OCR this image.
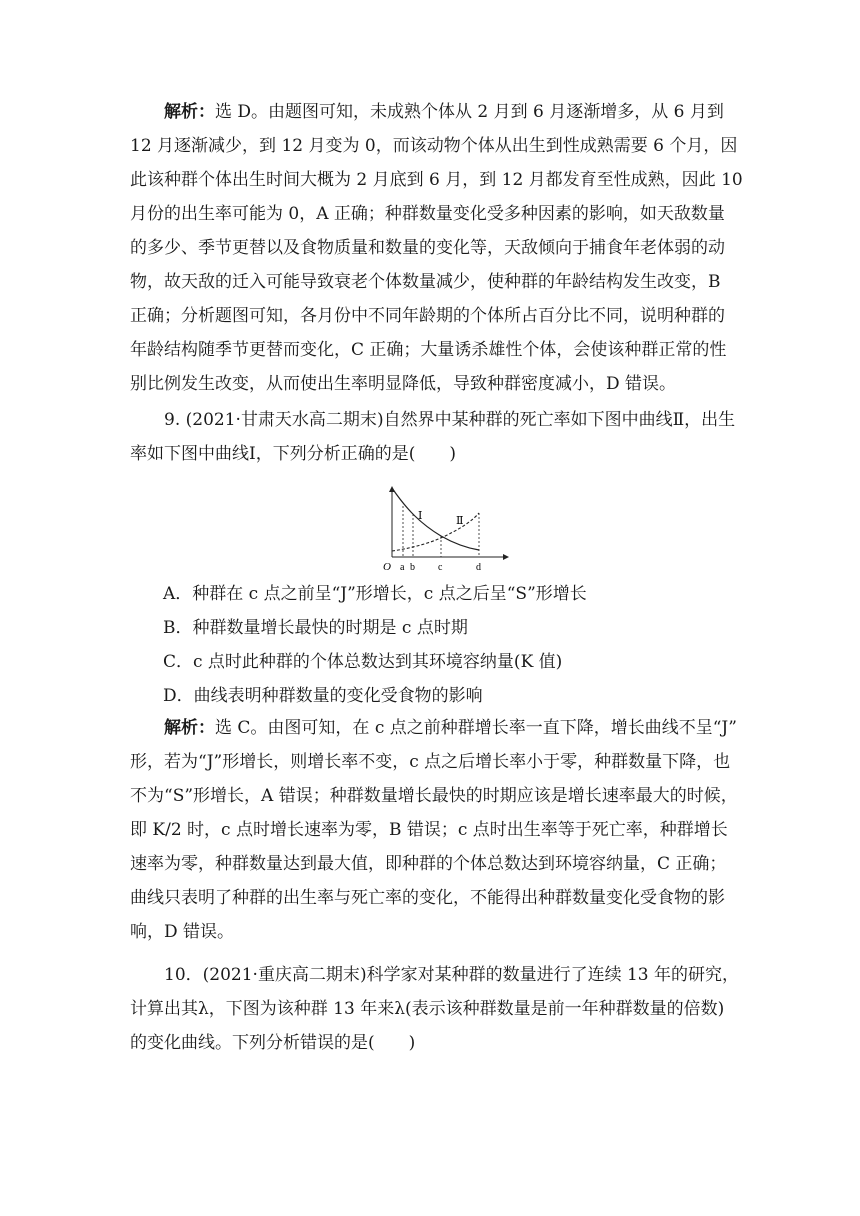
解析：选 D。由题图可知，未成熟个体从 2 月到 6 月逐渐增多，从 6 月到
12 月逐渐减少，到 12 月变为 0，而该动物个体从出生到性成熟需要 6 个月，因
此该种群个体出生时间大概为 2 月底到 6 月，到 12 月都发育至性成熟，因此 10
月份的出生率可能为 0，A 正确；种群数量变化受多种因素的影响，如天敌数量
的多少、季节更替以及食物质量和数量的变化等，天敌倾向于捕食年老体弱的动
物，故天敌的迁入可能导致衰老个体数量减少，使种群的年龄结构发生改变，B
正确；分析题图可知，各月份中不同年龄期的个体所占百分比不同，说明种群的
年龄结构随季节更替而变化，C 正确；大量诱杀雄性个体，会使该种群正常的性
别比例发生改变，从而使出生率明显降低，导致种群密度减小，D 错误。
9. (2021·甘肃天水高二期末)自然界中某种群的死亡率如下图中曲线Ⅱ，出生
率如下图中曲线Ⅰ，下列分析正确的是(　　)
Ⅰ	Ⅱ
O a b c	d
A．种群在 c 点之前呈“J”形增长，c 点之后呈“S”形增长
B．种群数量增长最快的时期是 c 点时期
C．c 点时此种群的个体总数达到其环境容纳量(K 值)
D．曲线表明种群数量的变化受食物的影响
解析：选 C。由图可知，在 c 点之前种群增长率一直下降，增长曲线不呈“J”
形，若为“J”形增长，则增长率不变，c 点之后增长率小于零，种群数量下降，也
不为“S”形增长，A 错误；种群数量增长最快的时期应该是增长速率最大的时候，
即 K/2 时，c 点时增长速率为零，B 错误；c 点时出生率等于死亡率，种群增长
速率为零，种群数量达到最大值，即种群的个体总数达到环境容纳量，C 正确；
曲线只表明了种群的出生率与死亡率的变化，不能得出种群数量变化受食物的影
响，D 错误。
10．(2021·重庆高二期末)科学家对某种群的数量进行了连续 13 年的研究，
计算出其λ，下图为该种群 13 年来λ(表示该种群数量是前一年种群数量的倍数)
的变化曲线。下列分析错误的是(　　)
